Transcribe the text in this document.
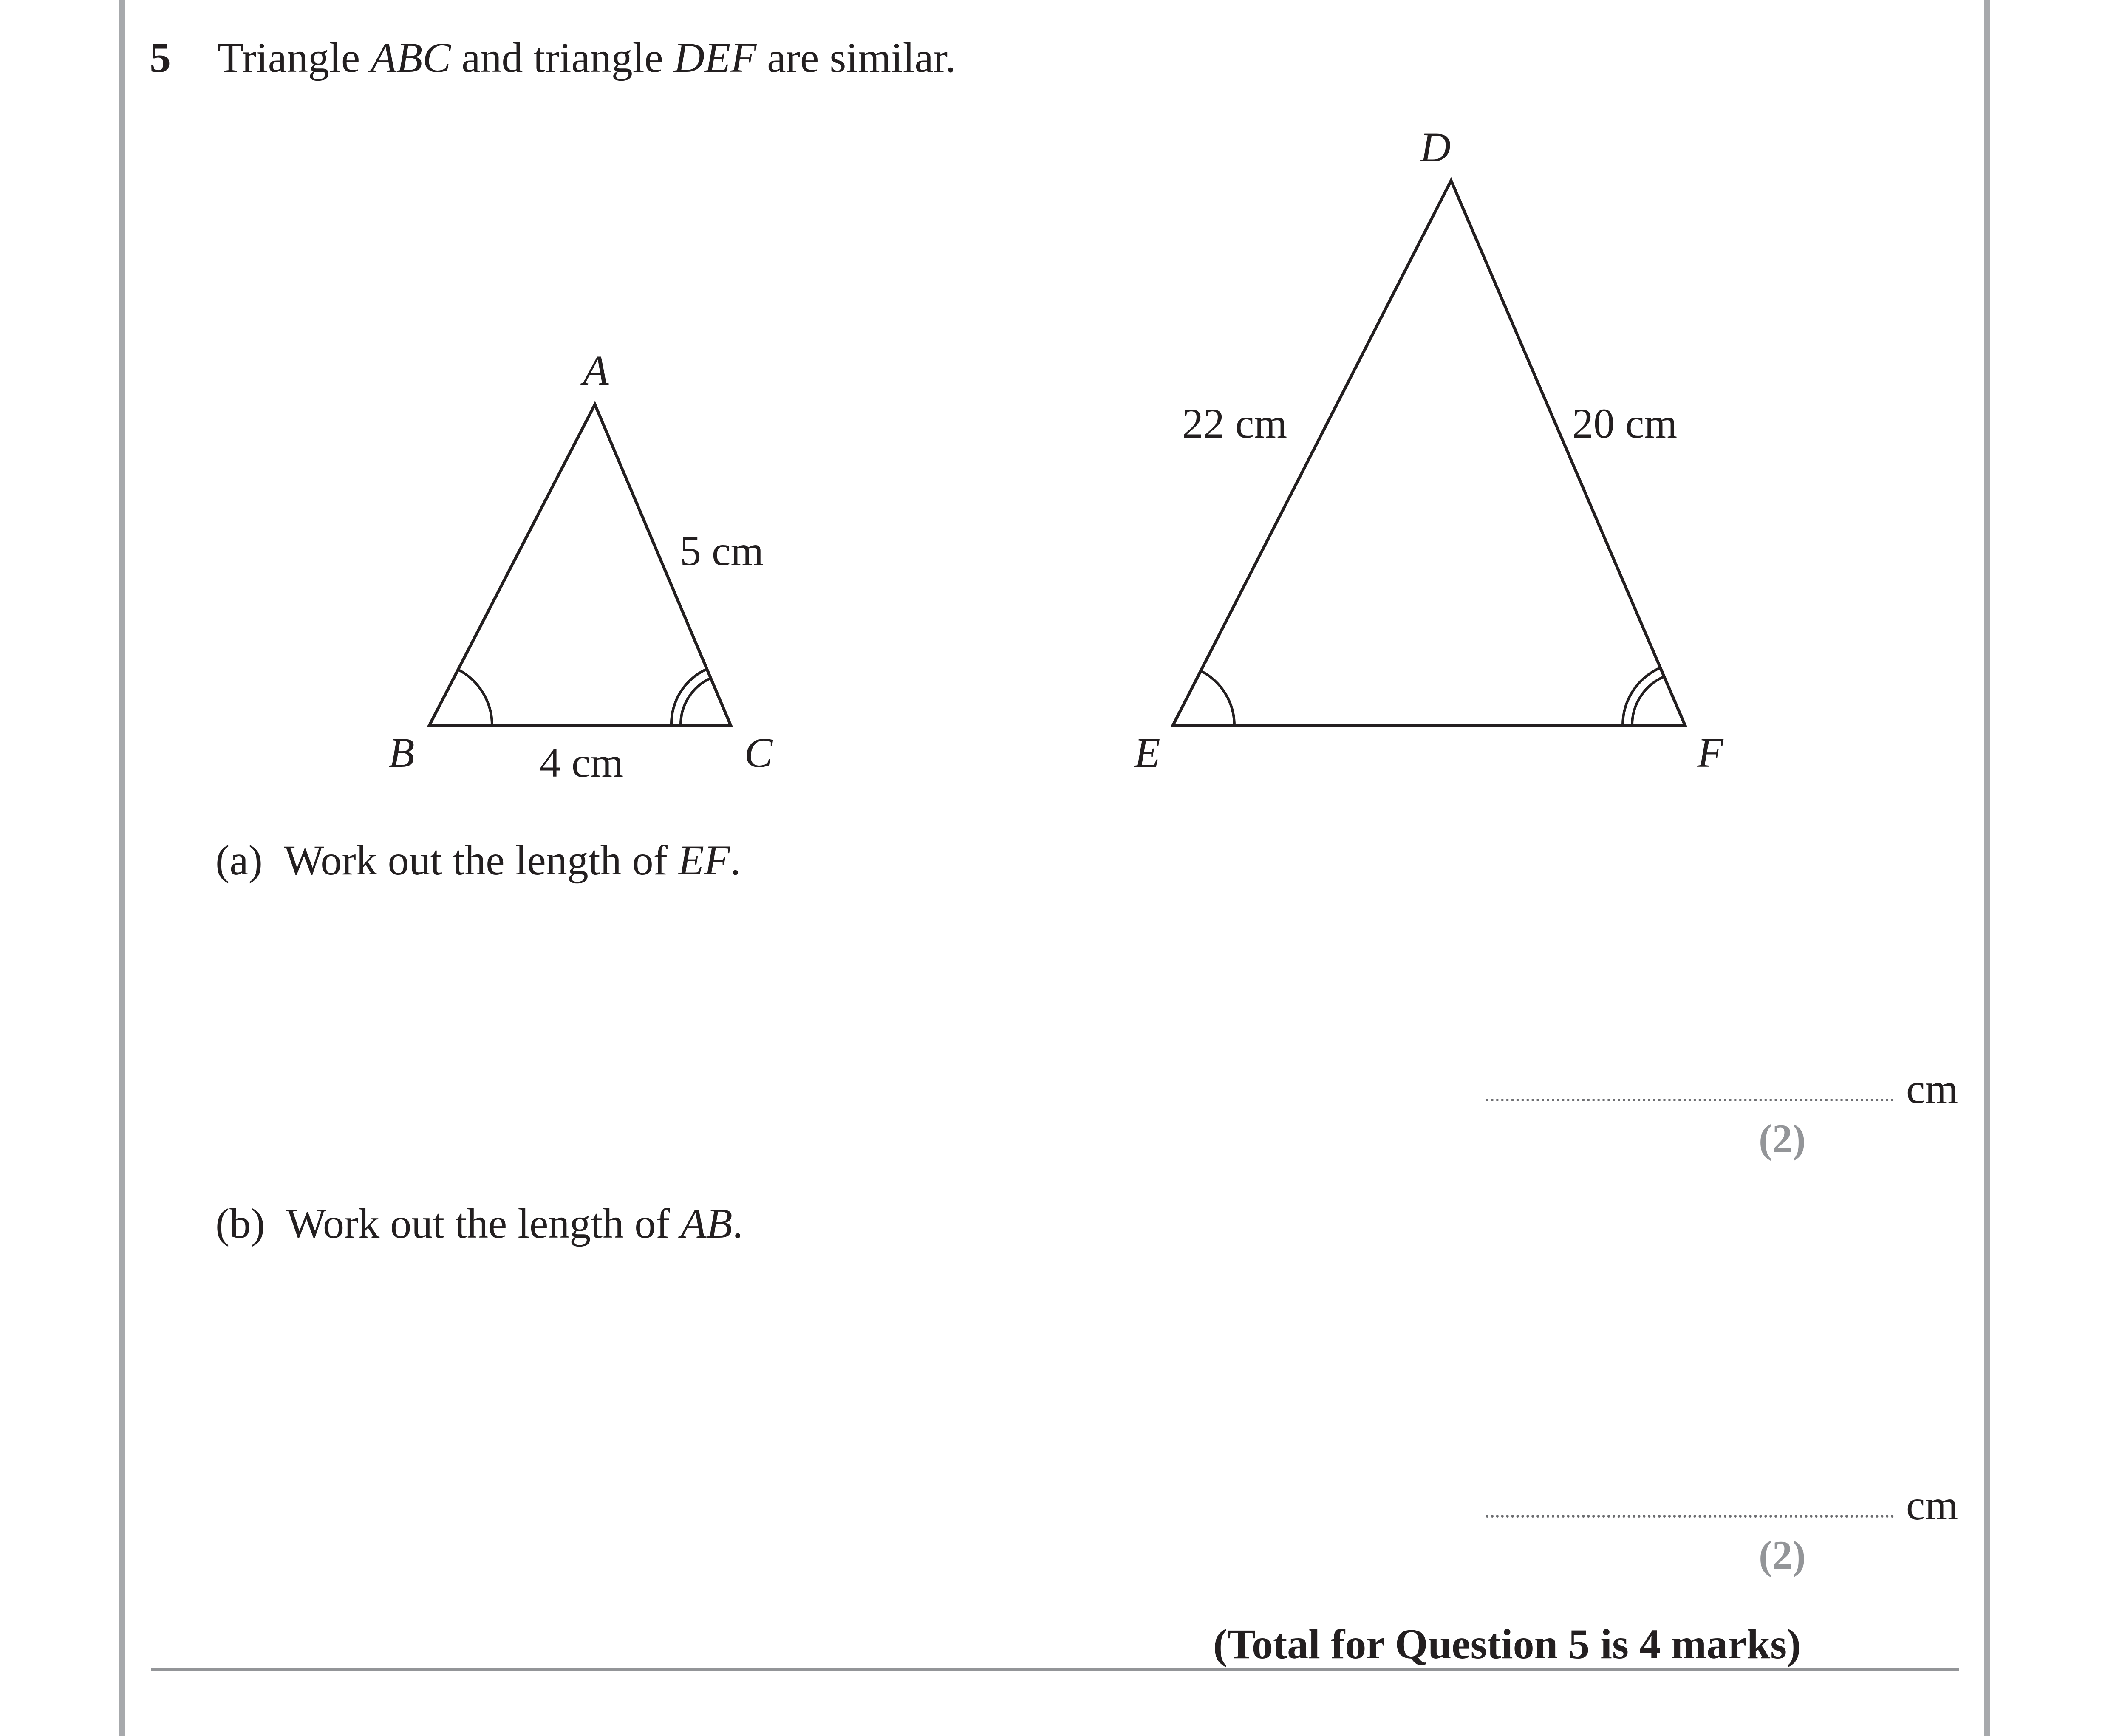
5 Triangle ABC and triangle DEF are similar.
A
B	C
5 cm
4 cm
D
E	F
22 cm	20 cm
(a)  Work out the length of EF.
cm
(2)
(b)  Work out the length of AB.
cm
(2)
(Total for Question 5 is 4 marks)
